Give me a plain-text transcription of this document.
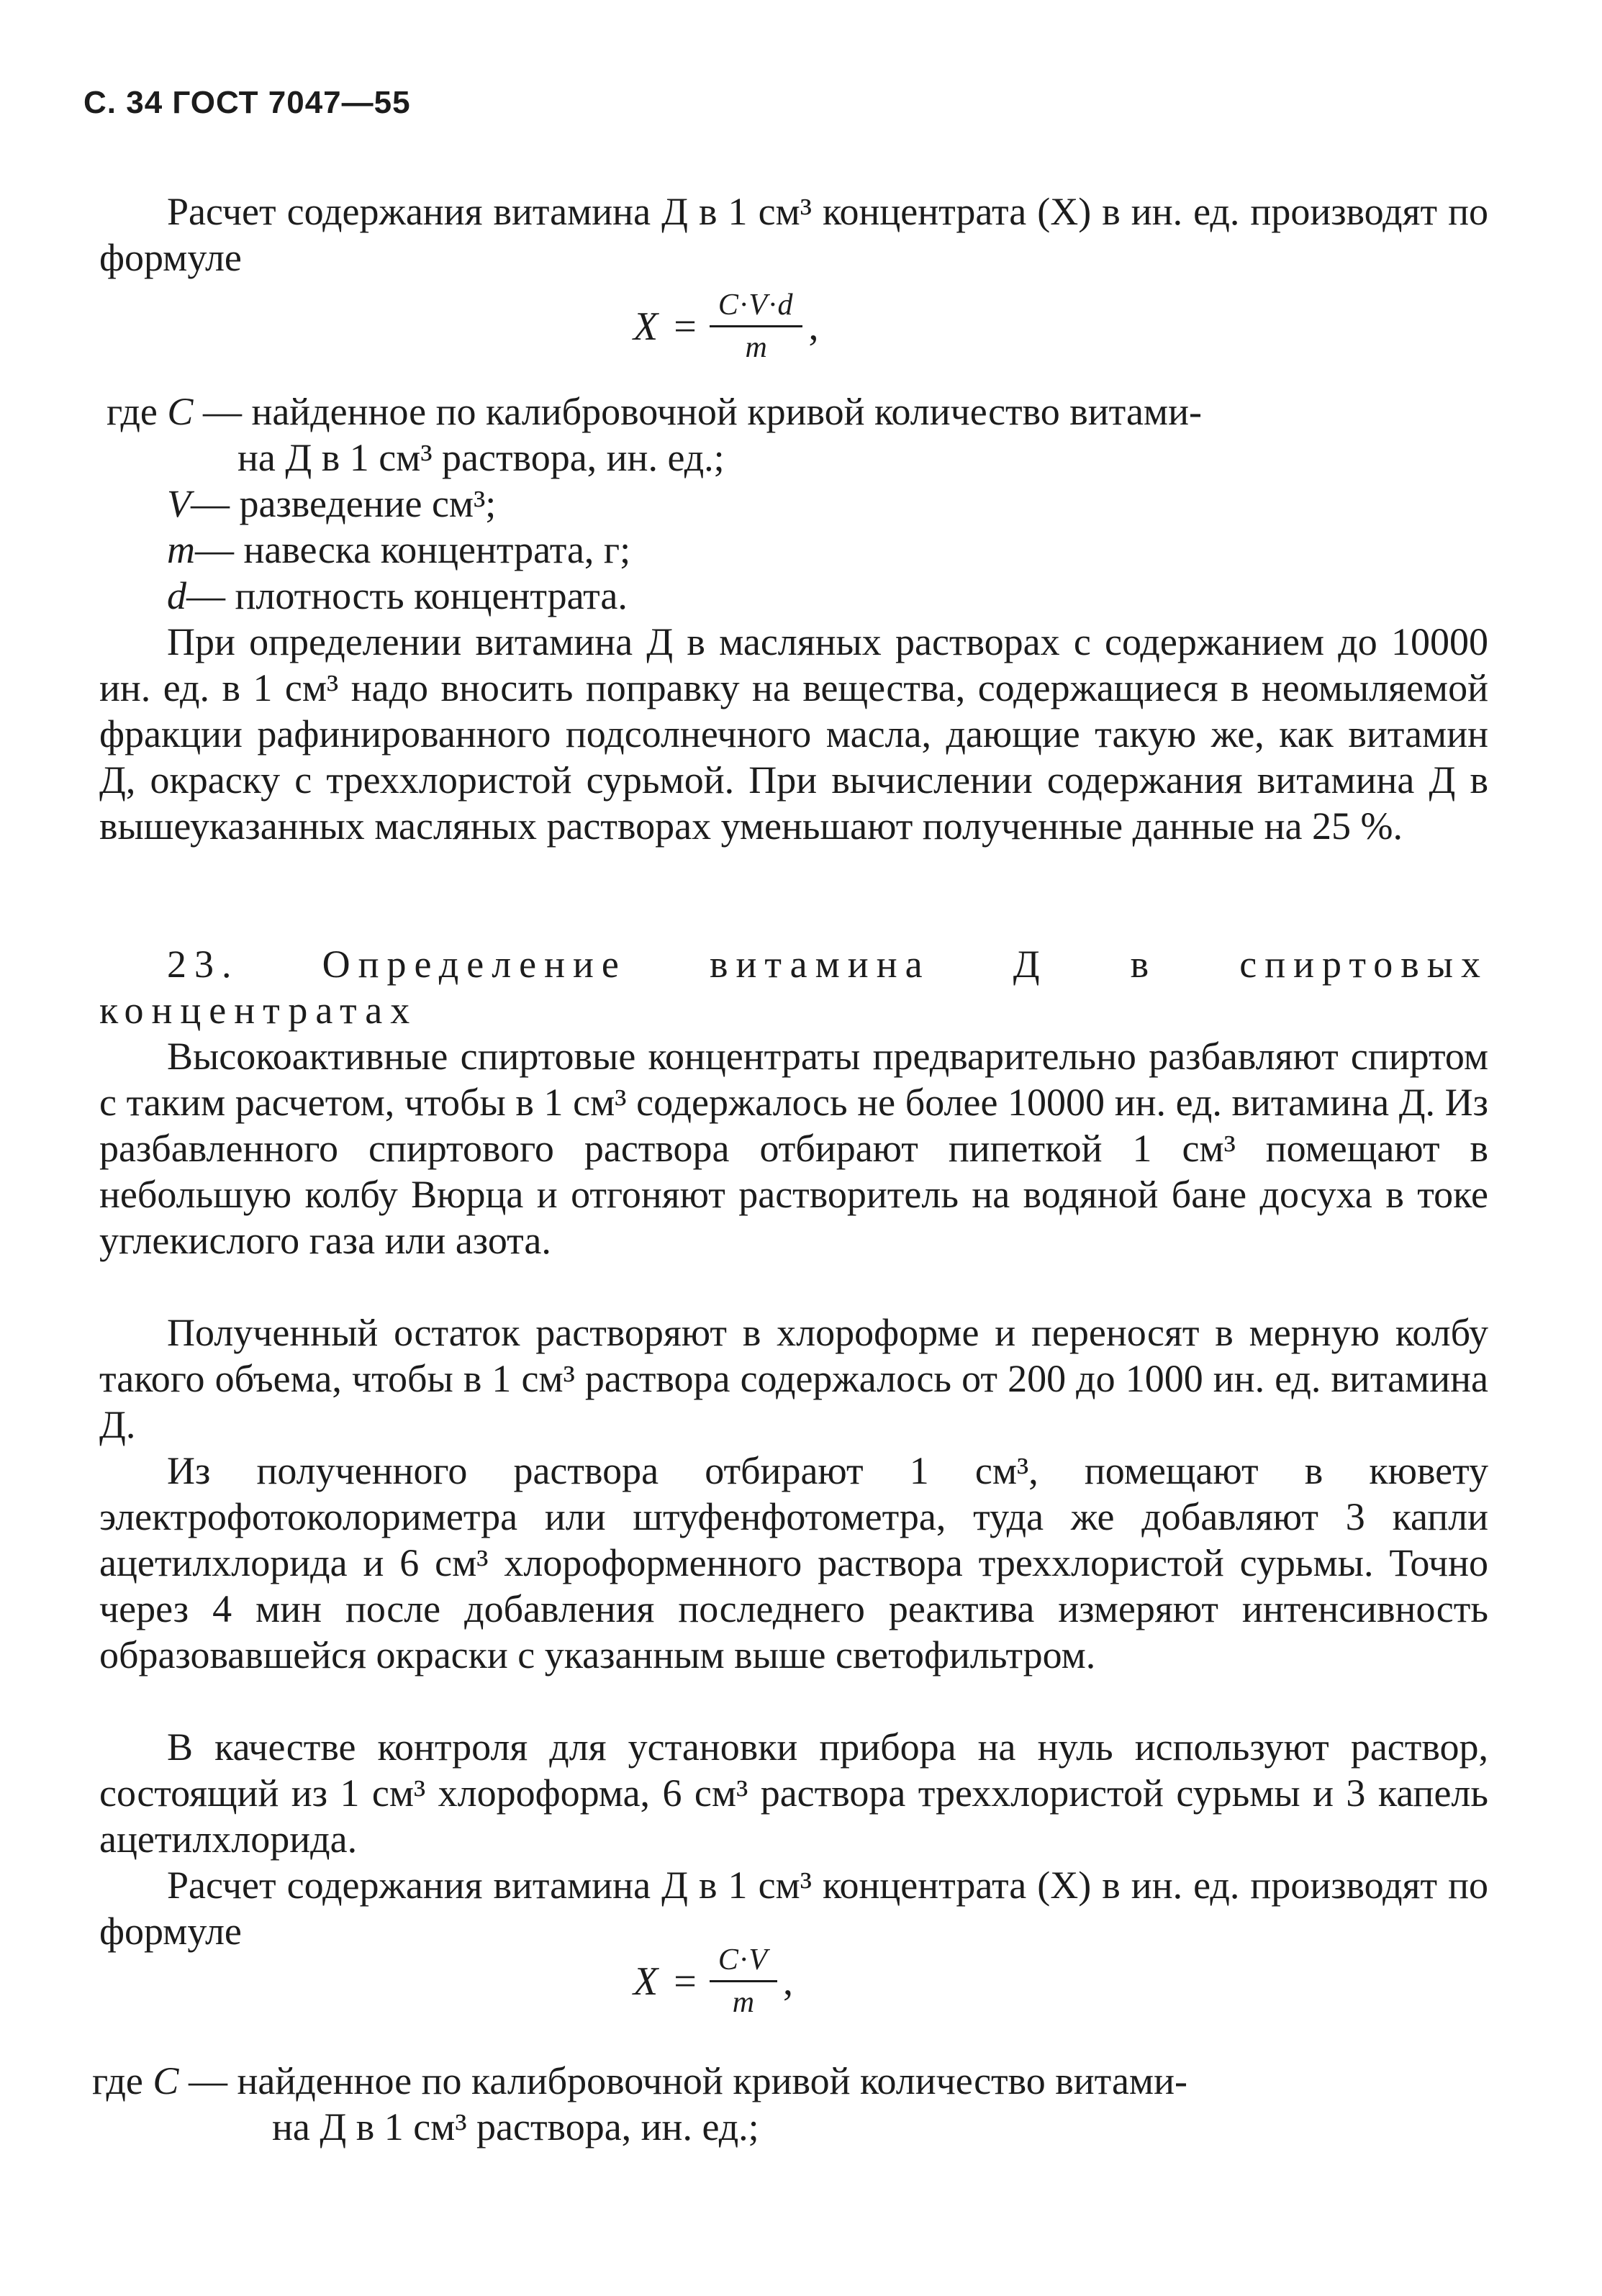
С. 34 ГОСТ 7047—55

Расчет содержания витамина Д в 1 см³ концентрата (X) в ин. ед. производят по формуле

$X = \frac{C\cdot V\cdot d}{m}$ ,
где C — найденное по калибровочной кривой количество витами-
на Д в 1 см³ раствора, ин. ед.;
V— разведение см³;
m— навеска концентрата, г;
d— плотность концентрата.

При определении витамина Д в масляных растворах с содержанием до 10000 ин. ед. в 1 см³ надо вносить поправку на вещества, содержащиеся в неомыляемой фракции рафинированного подсолнечного масла, дающие такую же, как витамин Д, окраску с треххлористой сурьмой. При вычислении содержания витамина Д в вышеуказанных масляных растворах уменьшают полученные данные на 25 %.

23. Определение витамина Д в спиртовых концентратах

Высокоактивные спиртовые концентраты предварительно разбавляют спиртом с таким расчетом, чтобы в 1 см³ содержалось не более 10000 ин. ед. витамина Д. Из разбавленного спиртового раствора отбирают пипеткой 1 см³ помещают в небольшую колбу Вюрца и отгоняют растворитель на водяной бане досуха в токе углекислого газа или азота.

Полученный остаток растворяют в хлороформе и переносят в мерную колбу такого объема, чтобы в 1 см³ раствора содержалось от 200 до 1000 ин. ед. витамина Д.

Из полученного раствора отбирают 1 см³, помещают в кювету электрофотоколориметра или штуфенфотометра, туда же добавляют 3 капли ацетилхлорида и 6 см³ хлороформенного раствора треххлористой сурьмы. Точно через 4 мин после добавления последнего реактива измеряют интенсивность образовавшейся окраски с указанным выше светофильтром.

В качестве контроля для установки прибора на нуль используют раствор, состоящий из 1 см³ хлороформа, 6 см³ раствора треххлористой сурьмы и 3 капель ацетилхлорида.

Расчет содержания витамина Д в 1 см³ концентрата (X) в ин. ед. производят по формуле

$X = \frac{C\cdot V}{m}$ ,
где C — найденное по калибровочной кривой количество витами-
на Д в 1 см³ раствора, ин. ед.;
